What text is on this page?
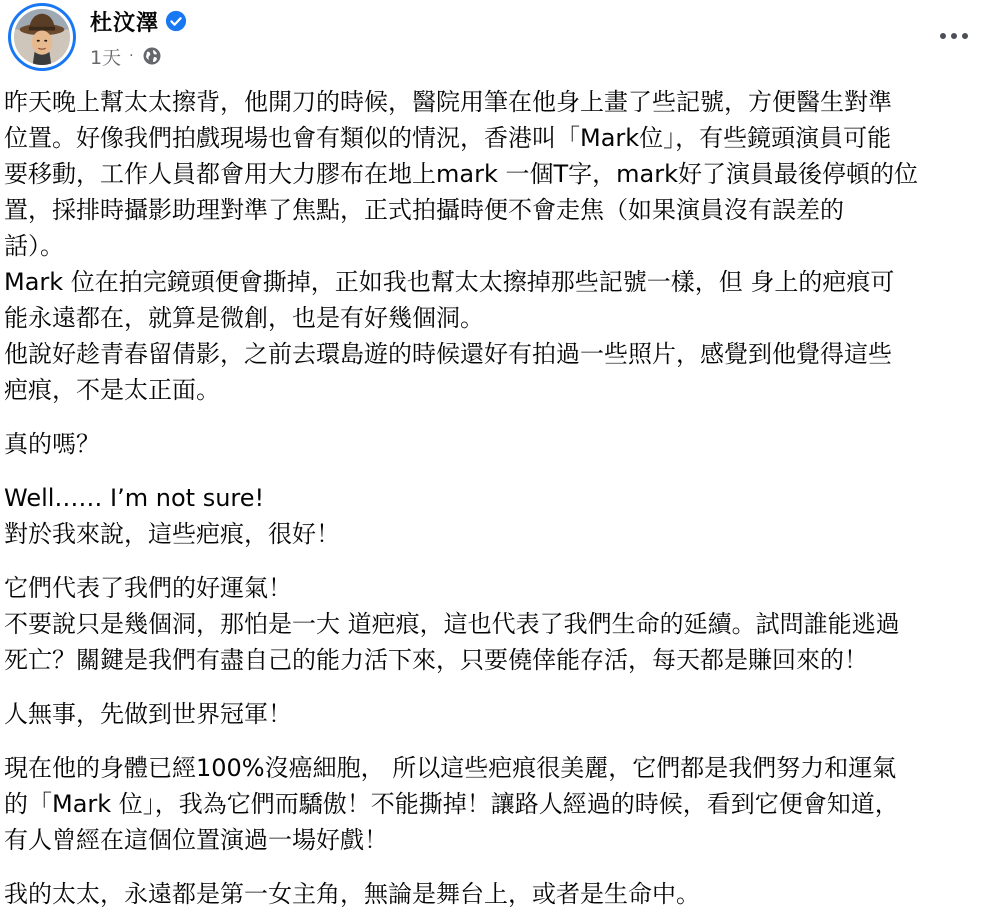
杜汶澤
1天 ·
昨天晚上幫太太擦背，他開刀的時候，醫院用筆在他身上畫了些記號，方便醫生對準
位置。好像我們拍戲現場也會有類似的情況，香港叫「Mark位」，有些鏡頭演員可能
要移動，工作人員都會用大力膠布在地上mark 一個T字，mark好了演員最後停頓的位
置，採排時攝影助理對準了焦點，正式拍攝時便不會走焦（如果演員沒有誤差的
話）。
Mark 位在拍完鏡頭便會撕掉，正如我也幫太太擦掉那些記號一樣，但 身上的疤痕可
能永遠都在，就算是微創，也是有好幾個洞。
他說好趁青春留倩影，之前去環島遊的時候還好有拍過一些照片，感覺到他覺得這些
疤痕，不是太正面。
真的嗎？
Well…… I’m not sure!
對於我來說，這些疤痕，很好！
它們代表了我們的好運氣！
不要說只是幾個洞，那怕是一大 道疤痕，這也代表了我們生命的延續。試問誰能逃過
死亡？關鍵是我們有盡自己的能力活下來，只要僥倖能存活，每天都是賺回來的！
人無事，先做到世界冠軍！
現在他的身體已經100%沒癌細胞， 所以這些疤痕很美麗，它們都是我們努力和運氣
的「Mark 位」，我為它們而驕傲！不能撕掉！讓路人經過的時候，看到它便會知道，
有人曾經在這個位置演過一場好戲！
我的太太，永遠都是第一女主角，無論是舞台上，或者是生命中。
